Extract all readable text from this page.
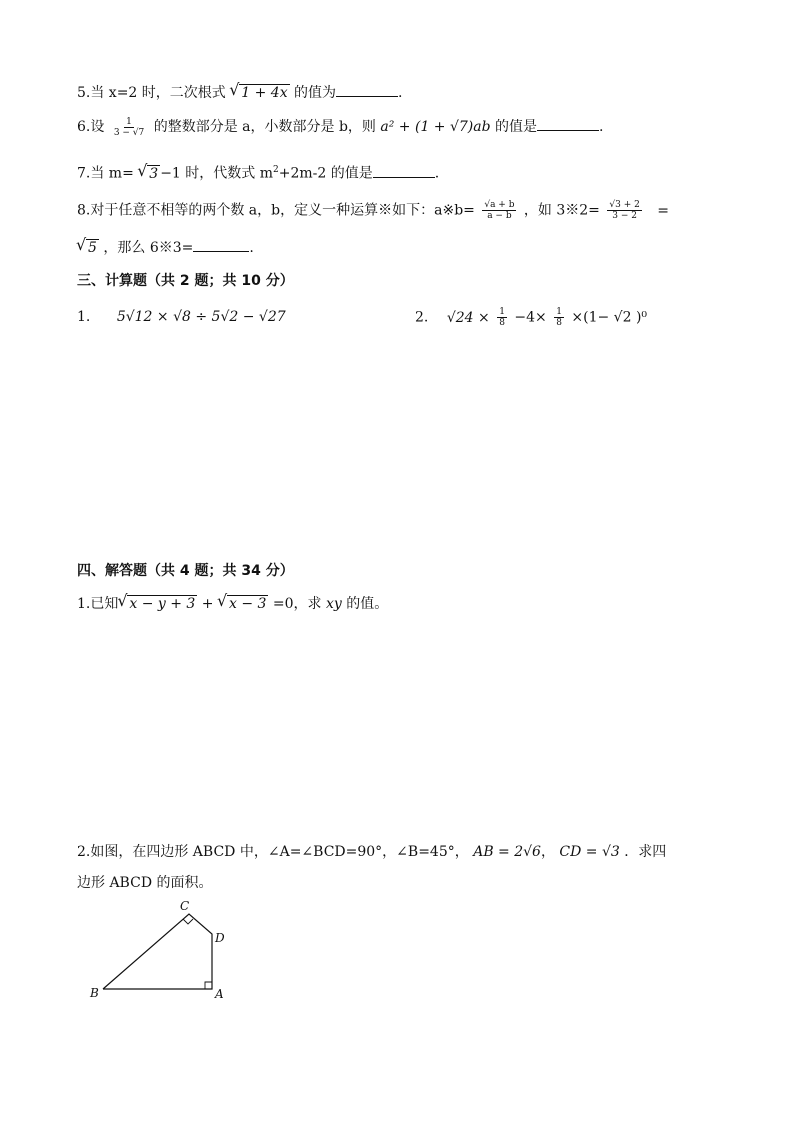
5.当 x=2 时，二次根式 √ 1 + 4x 的值为	.
6.设 $\frac{1}{3 - √7}$ 的整数部分是 a，小数部分是 b，则 a² + (1 + √7)ab 的值是	.
7.当 m= √ 3 −1 时，代数式 $m^2+2m-2$ 的值是	.
8.对于任意不相等的两个数 a，b，定义一种运算※如下：a※b= $\frac{√a + b}{a - b}$ ，如 3※2= $\frac{√3 + 2}{3 - 2}$ =
√ 5 ，那么 6※3=	.
三、计算题（共 2 题；共 10 分）
1. 5√12 × √8 ÷ 5√2 − √27	2. $√24 \times \frac{1}{8} -4\times \frac{1}{8} \times(1- √2$ )⁰
四、解答题（共 4 题；共 34 分）
1.已知 √ x − y + 3 + √ x − 3 =0，求 xy 的值。
2.如图，在四边形 ABCD 中，∠A=∠BCD=90°，∠B=45°， AB = 2√6， CD = √3 ．求四
边形 ABCD 的面积。
C
D
B	A
